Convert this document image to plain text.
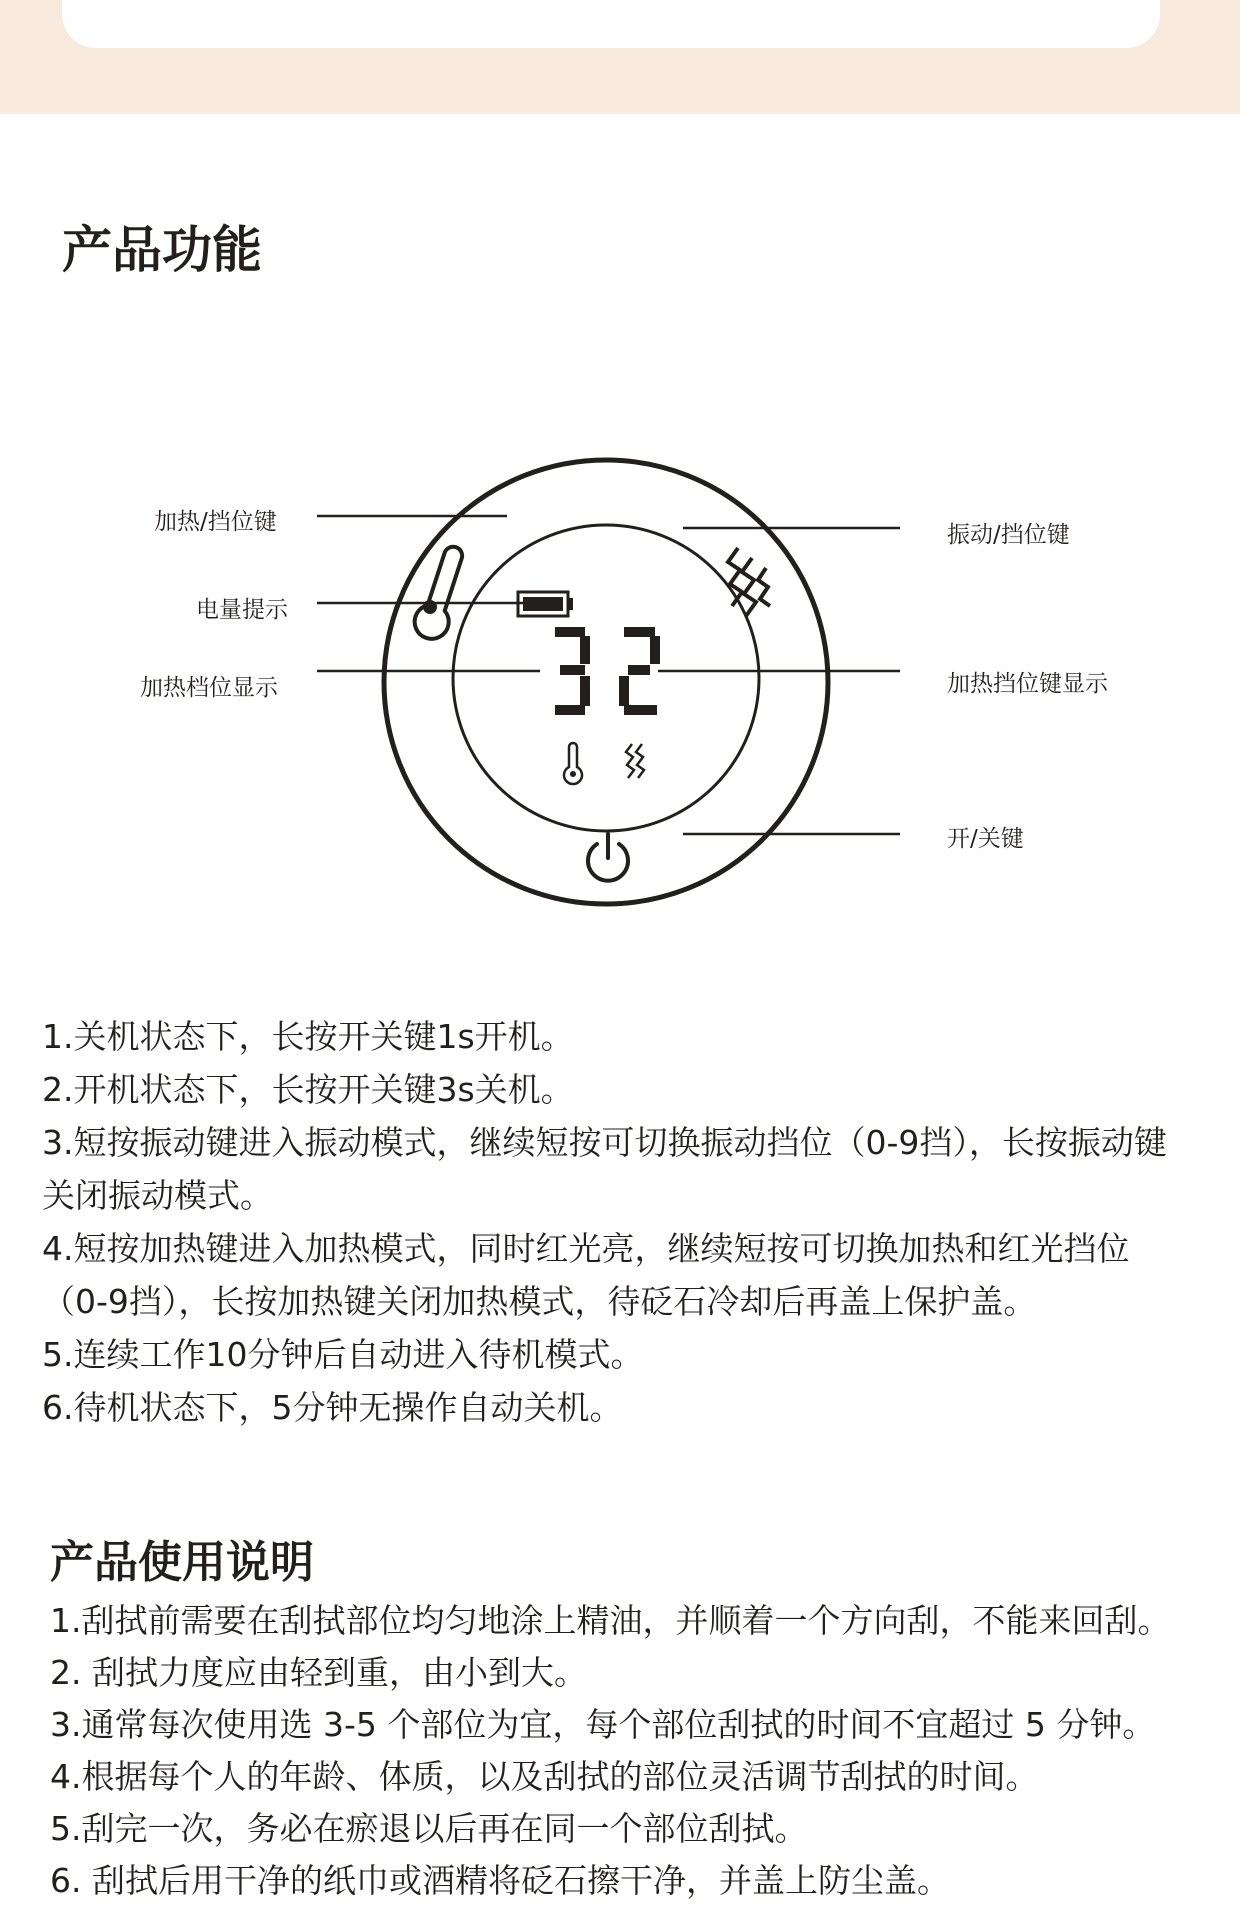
产品功能
加热/挡位键
电量提示
加热档位显示
振动/挡位键
加热挡位键显示
开/关键

1.关机状态下，长按开关键1s开机。

2.开机状态下，长按开关键3s关机。

3.短按振动键进入振动模式，继续短按可切换振动挡位（0-9挡），长按振动键

关闭振动模式。

4.短按加热键进入加热模式，同时红光亮，继续短按可切换加热和红光挡位

（0-9挡），长按加热键关闭加热模式，待砭石冷却后再盖上保护盖。

5.连续工作10分钟后自动进入待机模式。

6.待机状态下，5分钟无操作自动关机。

产品使用说明

1.刮拭前需要在刮拭部位均匀地涂上精油，并顺着一个方向刮，不能来回刮。

2. 刮拭力度应由轻到重，由小到大。

3.通常每次使用选 3-5 个部位为宜，每个部位刮拭的时间不宜超过 5 分钟。

4.根据每个人的年龄、体质，以及刮拭的部位灵活调节刮拭的时间。

5.刮完一次，务必在瘀退以后再在同一个部位刮拭。

6. 刮拭后用干净的纸巾或酒精将砭石擦干净，并盖上防尘盖。
